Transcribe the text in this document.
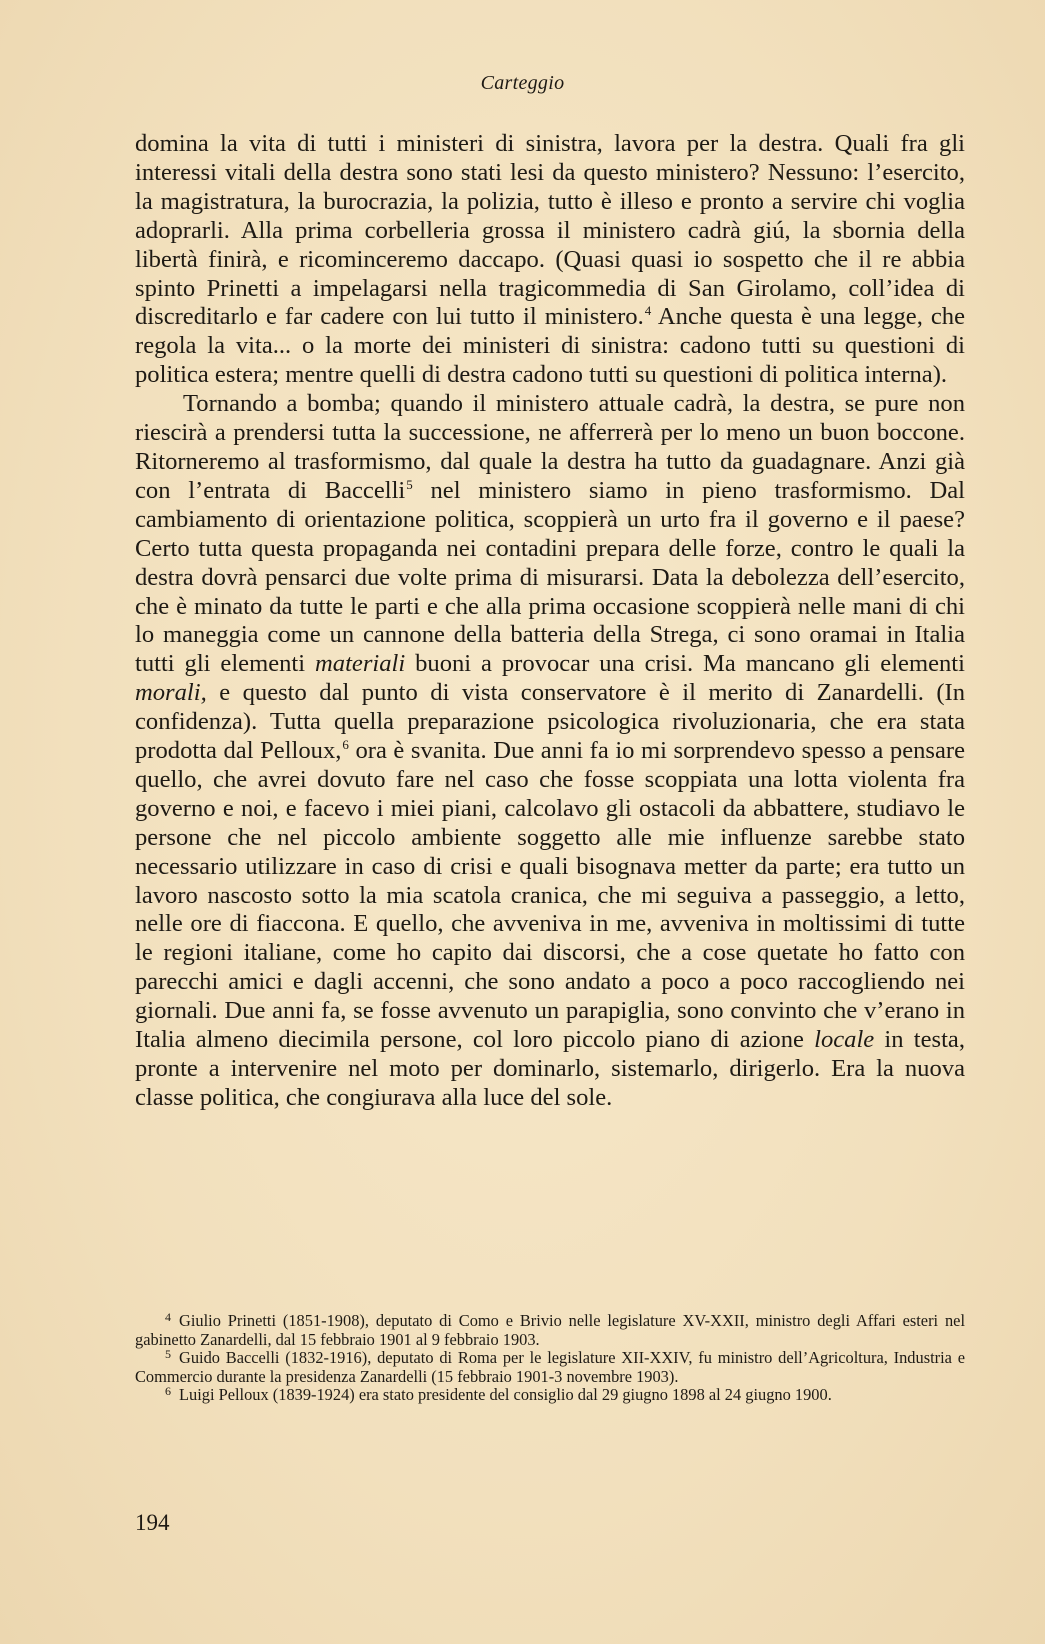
Carteggio

domina la vita di tutti i ministeri di sinistra, lavora per la destra. Quali fra gli interessi vitali della destra sono stati lesi da questo ministero? Nessuno: l’esercito, la magistratura, la burocrazia, la polizia, tutto è illeso e pronto a servire chi voglia adoprarli. Alla prima corbelleria grossa il ministero cadrà giú, la sbornia della libertà finirà, e ricominceremo daccapo. (Quasi quasi io sospetto che il re abbia spinto Prinetti a impelagarsi nella tragicommedia di San Girolamo, coll’idea di discreditarlo e far cadere con lui tutto il ministero.$^4$ Anche questa è una legge, che regola la vita... o la morte dei ministeri di sinistra: cadono tutti su questioni di politica estera; mentre quelli di destra cadono tutti su questioni di politica interna).

Tornando a bomba; quando il ministero attuale cadrà, la destra, se pure non riescirà a prendersi tutta la successione, ne afferrerà per lo meno un buon boccone. Ritorneremo al trasformismo, dal quale la destra ha tutto da guadagnare. Anzi già con l’entrata di Baccelli$^5$ nel ministero siamo in pieno trasformismo. Dal cambiamento di orientazione politica, scoppierà un urto fra il governo e il paese? Certo tutta questa propaganda nei contadini prepara delle forze, contro le quali la destra dovrà pensarci due volte prima di misurarsi. Data la debolezza dell’esercito, che è minato da tutte le parti e che alla prima occasione scoppierà nelle mani di chi lo maneggia come un cannone della batteria della Strega, ci sono oramai in Italia tutti gli elementi materiali buoni a provocar una crisi. Ma mancano gli elementi morali, e questo dal punto di vista conservatore è il merito di Zanardelli. (In confidenza). Tutta quella preparazione psicologica rivoluzionaria, che era stata prodotta dal Pelloux,$^6$ ora è svanita. Due anni fa io mi sorprendevo spesso a pensare quello, che avrei dovuto fare nel caso che fosse scoppiata una lotta violenta fra governo e noi, e facevo i miei piani, calcolavo gli ostacoli da abbattere, studiavo le persone che nel piccolo ambiente soggetto alle mie influenze sarebbe stato necessario utilizzare in caso di crisi e quali bisognava metter da parte; era tutto un lavoro nascosto sotto la mia scatola cranica, che mi seguiva a passeggio, a letto, nelle ore di fiaccona. E quello, che avveniva in me, avveniva in moltissimi di tutte le regioni italiane, come ho capito dai discorsi, che a cose quetate ho fatto con parecchi amici e dagli accenni, che sono andato a poco a poco raccogliendo nei giornali. Due anni fa, se fosse avvenuto un parapiglia, sono convinto che v’erano in Italia almeno diecimila persone, col loro piccolo piano di azione locale in testa, pronte a intervenire nel moto per dominarlo, sistemarlo, dirigerlo. Era la nuova classe politica, che congiurava alla luce del sole.

$^4$ Giulio Prinetti (1851-1908), deputato di Como e Brivio nelle legislature XV-XXII, ministro degli Affari esteri nel gabinetto Zanardelli, dal 15 febbraio 1901 al 9 febbraio 1903.

$^5$ Guido Baccelli (1832-1916), deputato di Roma per le legislature XII-XXIV, fu ministro dell’Agricoltura, Industria e Commercio durante la presidenza Zanardelli (15 febbraio 1901-3 novembre 1903).

$^6$ Luigi Pelloux (1839-1924) era stato presidente del consiglio dal 29 giugno 1898 al 24 giugno 1900.

194
